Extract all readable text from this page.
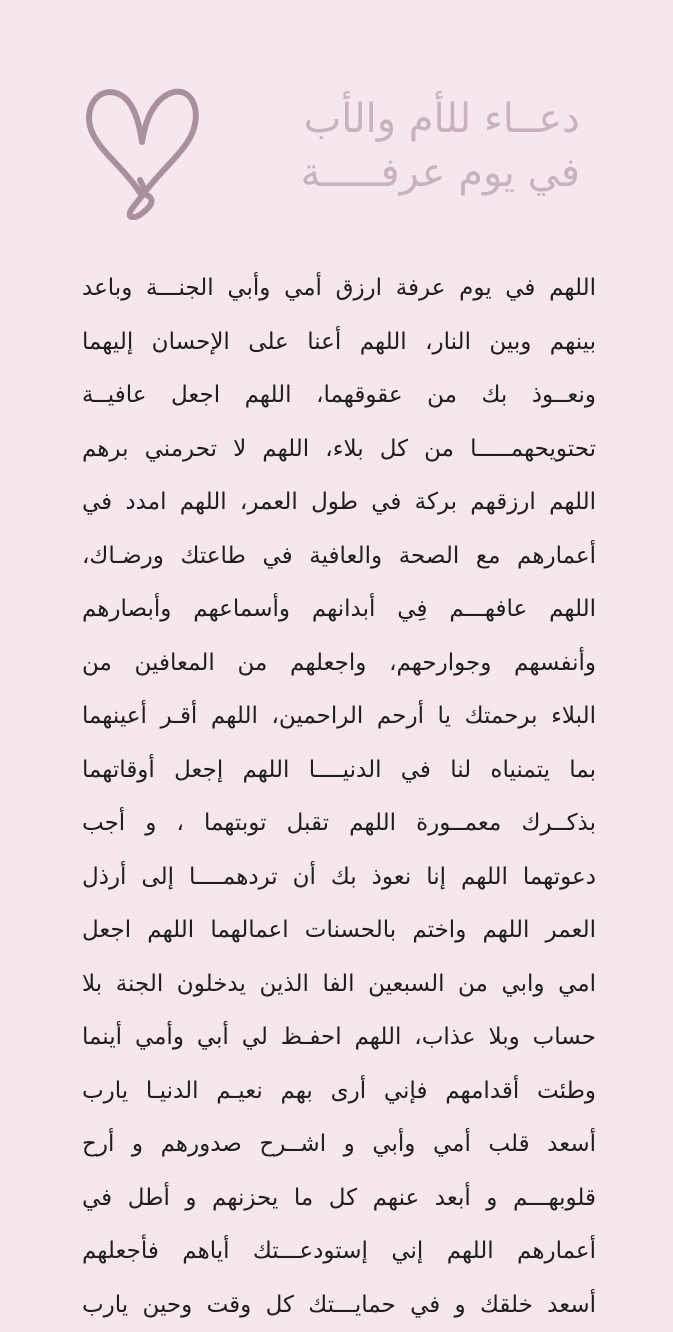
دعــاء للأم والأب
في يوم عرفـــــة
اللهم في يوم عرفة ارزق أمي وأبي الجنـــة وباعد
بينهم وبين النار، اللهم أعنا على الإحسان إليهما
ونعــوذ بك من عقوقهما، اللهم اجعل عافيــة
تحتويحهمـــــا من كل بلاء، اللهم لا تحرمني برهم
اللهم ارزقهم بركة في طول العمر، اللهم امدد في
أعمارهم مع الصحة والعافية في طاعتك ورضـاك،
اللهم عافهـــم فِي أبدانهم وأسماعهم وأبصارهم
وأنفسهم وجوارحهم، واجعلهم من المعافين من
البلاء برحمتك يا أرحم الراحمين، اللهم أقـر أعينهما
بما يتمنياه لنا في الدنيــــا اللهم إجعل أوقاتهما
بذكــرك معمــورة اللهم تقبل توبتهما ، و أجب
دعوتهما اللهم إنا نعوذ بك أن تردهمــــا إلى أرذل
العمر اللهم واختم بالحسنات اعمالهما اللهم اجعل
امي وابي من السبعين الفا الذين يدخلون الجنة بلا
حساب وبلا عذاب، اللهم احفـظ لي أبي وأمي أينما
وطئت أقدامهم فإني أرى بهم نعيـم الدنيـا يارب
أسعد قلب أمي وأبي و اشــرح صدورهم و أرح
قلوبهـــم و أبعد عنهم كل ما يحزنهم و أطل في
أعمارهم اللهم إني إستودعـــتك أياهم فأجعلهم
أسعد خلقك و في حمايـــتك كل وقت وحين يارب
